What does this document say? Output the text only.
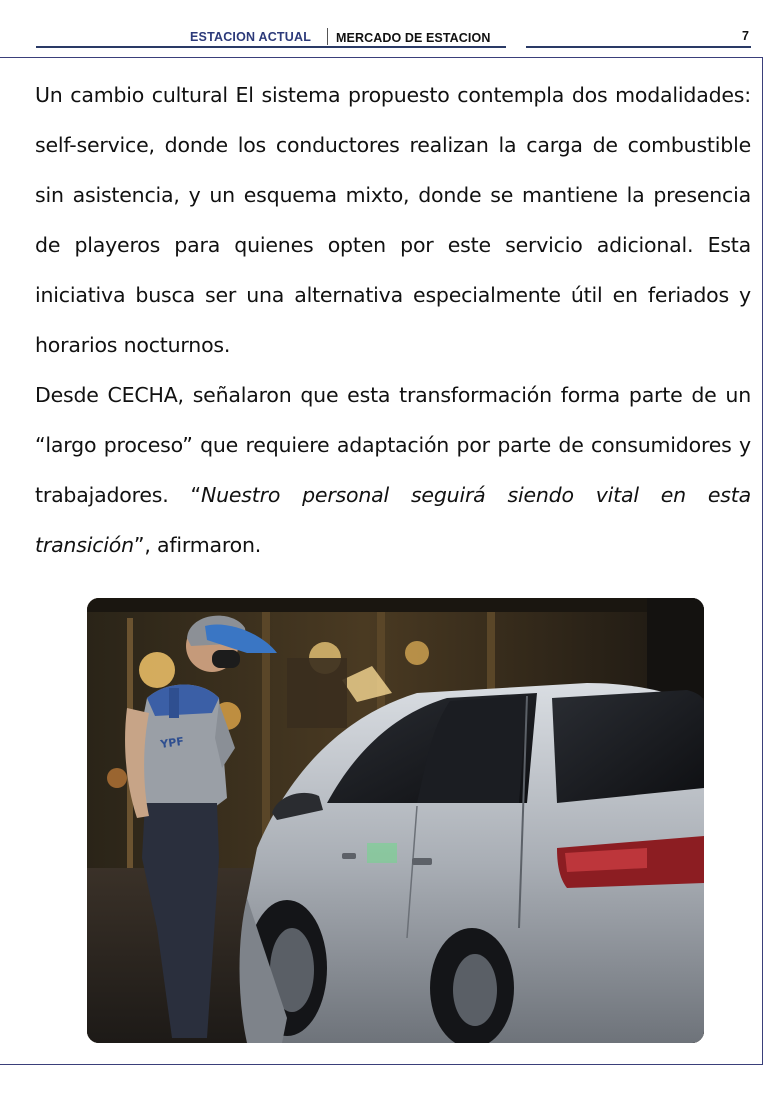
ESTACION ACTUAL MERCADO DE ESTACION	7

Un cambio cultural El sistema propuesto contempla dos modalidades: self-service, donde los conductores realizan la carga de combustible sin asistencia, y un esquema mixto, donde se mantiene la presencia de playeros para quienes opten por este servicio adicional. Esta iniciativa busca ser una alternativa especialmente útil en feriados y horarios nocturnos.

Desde CECHA, señalaron que esta transformación forma parte de un “largo proceso” que requiere adaptación por parte de consumidores y trabajadores. “Nuestro personal seguirá siendo vital en esta transición”, afirmaron.

YPF
